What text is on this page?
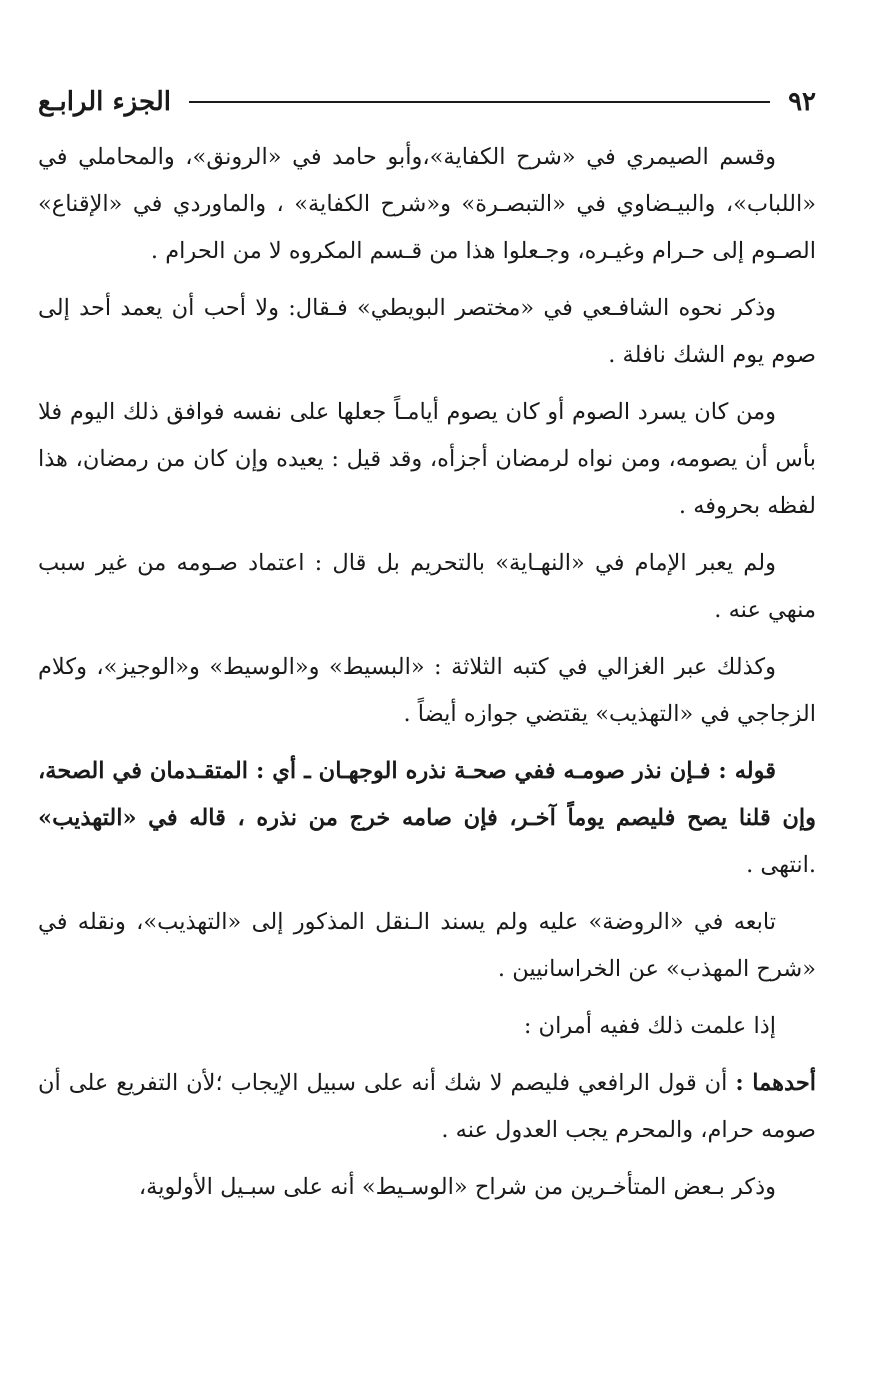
٩٢
الجزء الرابـع

وقسم الصيمري في «شرح الكفاية»،وأبو حامد في «الرونق»، والمحاملي في «اللباب»، والبيـضاوي في «التبصـرة» و«شرح الكفاية» ، والماوردي في «الإقناع» الصـوم إلى حـرام وغيـره، وجـعلوا هذا من قـسم المكروه لا من الحرام .

وذكر نحوه الشافـعي في «مختصر البويطي» فـقال: ولا أحب أن يعمد أحد إلى صوم يوم الشك نافلة .

ومن كان يسرد الصوم أو كان يصوم أيامـاً جعلها على نفسه فوافق ذلك اليوم فلا بأس أن يصومه، ومن نواه لرمضان أجزأه، وقد قيل : يعيده وإن كان من رمضان، هذا لفظه بحروفه .

ولم يعبر الإمام في «النهـاية» بالتحريم بل قال : اعتماد صـومه من غير سبب منهي عنه .

وكذلك عبر الغزالي في كتبه الثلاثة : «البسيط» و«الوسيط» و«الوجيز»، وكلام الزجاجي في «التهذيب» يقتضي جوازه أيضاً .

قوله : فـإن نذر صومـه ففي صحـة نذره الوجهـان ـ أي : المتقـدمان في الصحة، وإن قلنا يصح فليصم يوماً آخـر، فإن صامه خرج من نذره ، قاله في «التهذيب» .انتهى .

تابعه في «الروضة» عليه ولم يسند الـنقل المذكور إلى «التهذيب»، ونقله في «شرح المهذب» عن الخراسانيين .

إذا علمت ذلك ففيه أمران :

أحدهما : أن قول الرافعي فليصم لا شك أنه على سبيل الإيجاب ؛لأن التفريع على أن صومه حرام، والمحرم يجب العدول عنه .

وذكر بـعض المتأخـرين من شراح «الوسـيط» أنه على سبـيل الأولوية،
